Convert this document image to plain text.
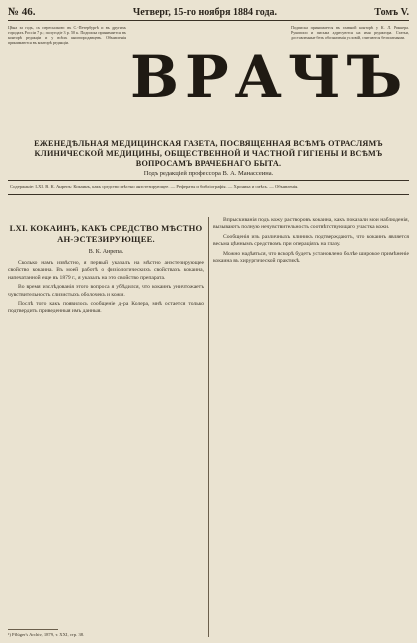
№ 46.	Четверг, 15-го ноября 1884 года.	Томъ V.
Цѣна за годъ, съ пересылкою: въ С.-Петербургѣ и въ другихъ городахъ Россіи 7 р.; полугодіе 3 р. 50 к. Подписка принимается въ конторѣ редакціи и у всѣхъ книгопродавцевъ. Объявленія принимаются въ конторѣ редакціи.
ВРАЧЪ
Подписка принимается въ главной конторѣ у К. Л. Риккера. Рукописи и письма адресуются на имя редактора. Статьи, доставленные безъ обозначенія условій, считаются безплатными.
ЕЖЕНЕДѢЛЬНАЯ МЕДИЦИНСКАЯ ГАЗЕТА, ПОСВЯЩЕННАЯ ВСѢМЪ ОТРАСЛЯМЪ КЛИНИЧЕСКОЙ МЕДИЦИНЫ, ОБЩЕСТВЕННОЙ И ЧАСТНОЙ ГИГІЕНЫ И ВСѢМЪ ВОПРОСАМЪ ВРАЧЕБНАГО БЫТА.
Подъ редакціей профессора В. А. Манассеина.
Содержаніе: LXI. В. К. Анрепъ: Кокаинъ, какъ средство мѣстно анэстезирующее. — Рефераты и библіографія. — Хроника и смѣсь. — Объявленія.
LXI. КОКАИНЪ, КАКЪ СРЕДСТВО МѢСТНО АН-ЭСТЕЗИРУЮЩЕЕ.
В. К. Анрепа.

Сколько намъ извѣстно, я первый указалъ на мѣстно анэстезирующее свойство кокаина. Въ моей работѣ о физіологическихъ свойствахъ кокаина, напечатанной еще въ 1879 г., я указалъ на это свойство препарата.

Во время изслѣдованія этого вопроса я убѣдился, что кокаинъ уничтожаетъ чувствительность слизистыхъ оболочекъ и кожи.

Послѣ того какъ появилось сообщеніе д-ра Колера, мнѣ остается только подтвердить приведенныя имъ данныя.

¹) Pflüger's Archiv, 1879, т. XXI, стр. 38.

Впрыскиванія подъ кожу растворовъ кокаина, какъ показали мои наблюденія, вызываютъ полную нечувствительность соотвѣтствующаго участка кожи.

Сообщенія изъ различныхъ клиникъ подтверждаютъ, что кокаинъ является весьма цѣннымъ средствомъ при операціяхъ на глазу.

Можно надѣяться, что вскорѣ будетъ установлено болѣе широкое примѣненіе кокаина въ хирургической практикѣ.
